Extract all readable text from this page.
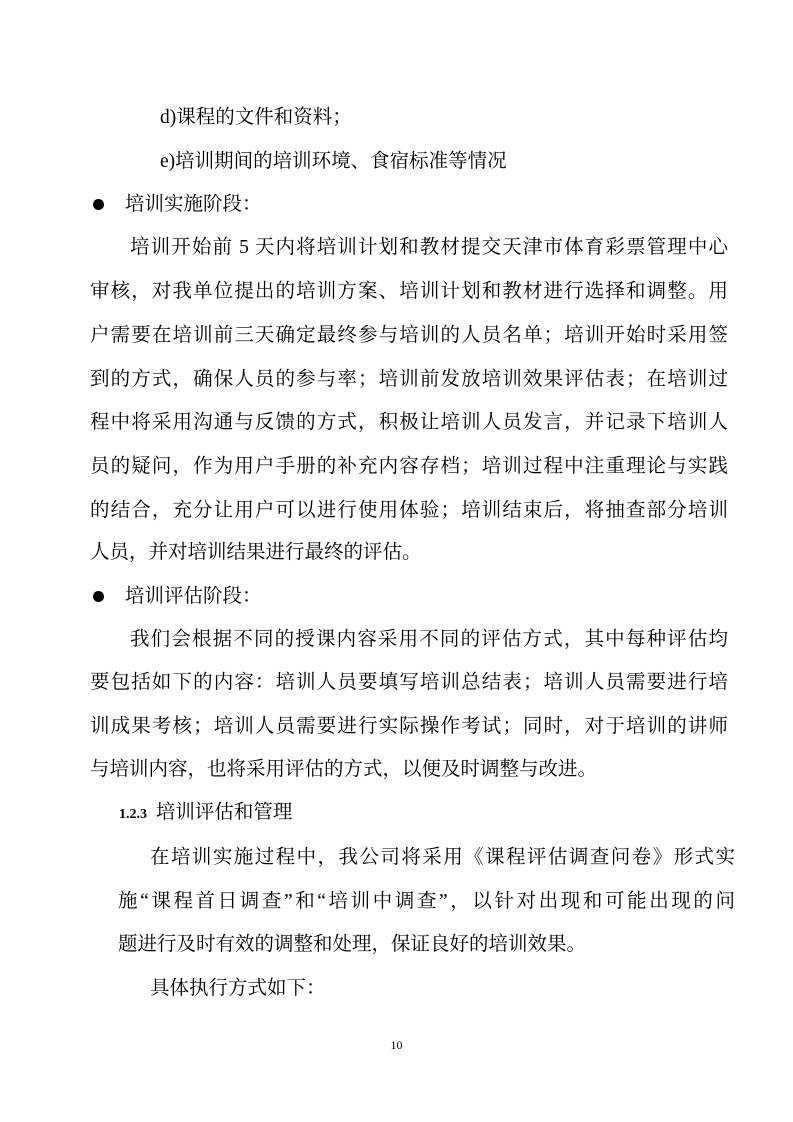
d)课程的文件和资料；
e)培训期间的培训环境、食宿标准等情况
培训实施阶段：
培训开始前 5 天内将培训计划和教材提交天津市体育彩票管理中心
审核，对我单位提出的培训方案、培训计划和教材进行选择和调整。用
户需要在培训前三天确定最终参与培训的人员名单；培训开始时采用签
到的方式，确保人员的参与率；培训前发放培训效果评估表；在培训过
程中将采用沟通与反馈的方式，积极让培训人员发言，并记录下培训人
员的疑问，作为用户手册的补充内容存档；培训过程中注重理论与实践
的结合，充分让用户可以进行使用体验；培训结束后，将抽查部分培训
人员，并对培训结果进行最终的评估。
培训评估阶段：
我们会根据不同的授课内容采用不同的评估方式，其中每种评估均
要包括如下的内容：培训人员要填写培训总结表；培训人员需要进行培
训成果考核；培训人员需要进行实际操作考试；同时，对于培训的讲师
与培训内容，也将采用评估的方式，以便及时调整与改进。
1.2.3 培训评估和管理
在培训实施过程中，我公司将采用《课程评估调查问卷》形式实
施“课程首日调查”和“培训中调查”，以针对出现和可能出现的问
题进行及时有效的调整和处理，保证良好的培训效果。
具体执行方式如下：
10
